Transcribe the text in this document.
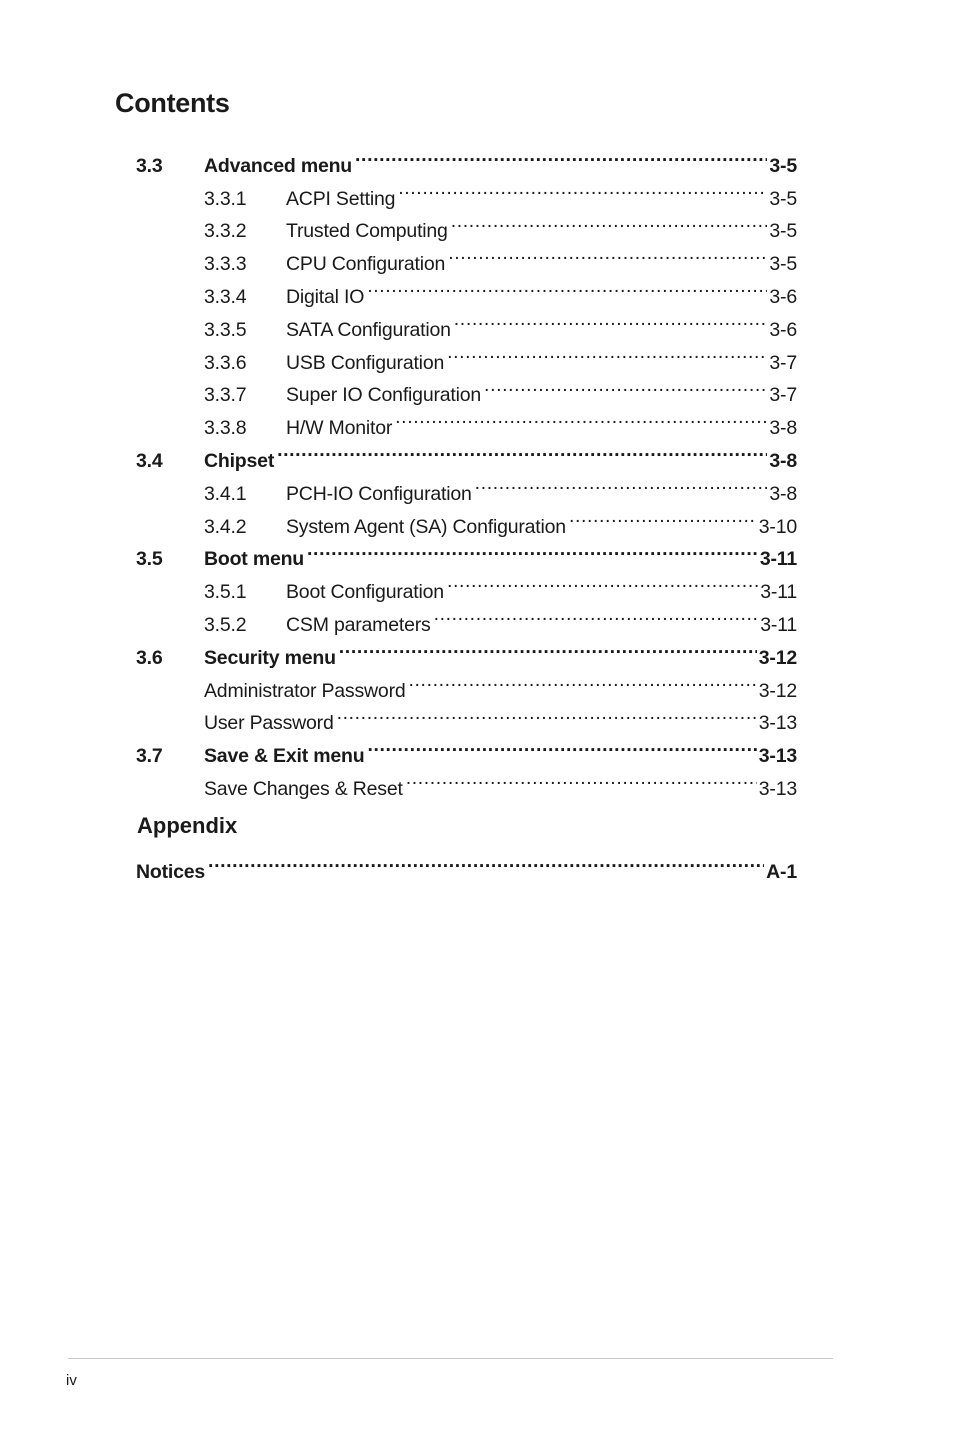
Contents
3.3	Advanced menu .....	3-5
3.3.1	ACPI Setting .....	3-5
3.3.2	Trusted Computing .....	3-5
3.3.3	CPU Configuration .....	3-5
3.3.4	Digital IO .....	3-6
3.3.5	SATA Configuration .....	3-6
3.3.6	USB Configuration .....	3-7
3.3.7	Super IO Configuration .....	3-7
3.3.8	H/W Monitor .....	3-8
3.4	Chipset .....	3-8
3.4.1	PCH-IO Configuration .....	3-8
3.4.2	System Agent (SA) Configuration .....	3-10
3.5	Boot menu .....	3-11
3.5.1	Boot Configuration .....	3-11
3.5.2	CSM parameters .....	3-11
3.6	Security menu .....	3-12
Administrator Password .....	3-12
User Password .....	3-13
3.7	Save & Exit menu .....	3-13
Save Changes & Reset .....	3-13
Appendix
Notices .....	A-1
iv
